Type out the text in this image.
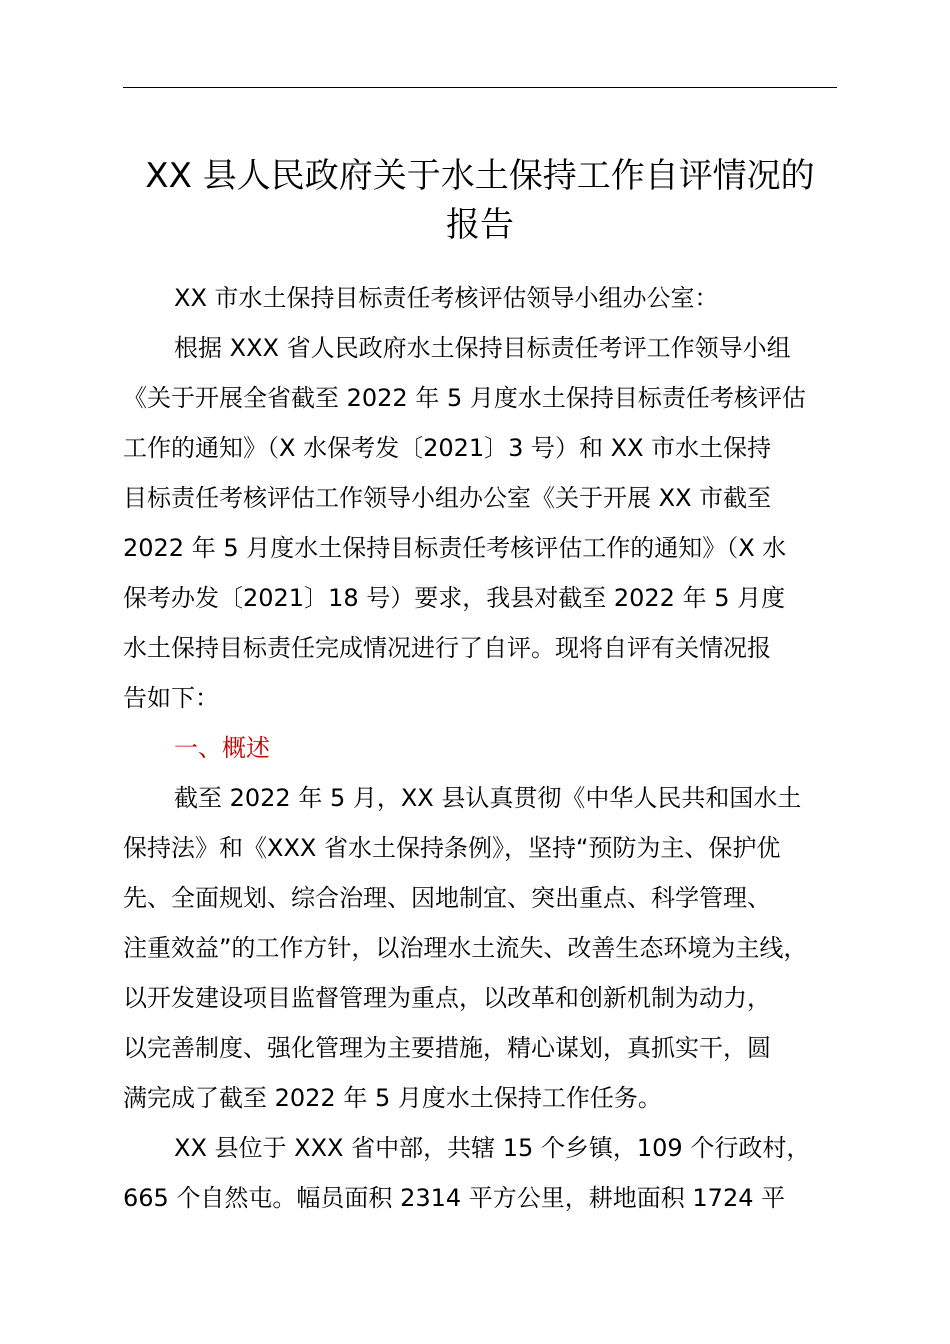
XX 县人民政府关于水土保持工作自评情况的
报告
XX 市水土保持目标责任考核评估领导小组办公室：
根据 XXX 省人民政府水土保持目标责任考评工作领导小组
《关于开展全省截至 2022 年 5 月度水土保持目标责任考核评估
工作的通知》（X 水保考发〔2021〕3 号）和 XX 市水土保持
目标责任考核评估工作领导小组办公室《关于开展 XX 市截至
2022 年 5 月度水土保持目标责任考核评估工作的通知》（X 水
保考办发〔2021〕18 号）要求，我县对截至 2022 年 5 月度
水土保持目标责任完成情况进行了自评。现将自评有关情况报
告如下：
一、概述
截至 2022 年 5 月，XX 县认真贯彻《中华人民共和国水土
保持法》和《XXX 省水土保持条例》，坚持“预防为主、保护优
先、全面规划、综合治理、因地制宜、突出重点、科学管理、
注重效益”的工作方针，以治理水土流失、改善生态环境为主线，
以开发建设项目监督管理为重点，以改革和创新机制为动力，
以完善制度、强化管理为主要措施，精心谋划，真抓实干，圆
满完成了截至 2022 年 5 月度水土保持工作任务。
XX 县位于 XXX 省中部，共辖 15 个乡镇，109 个行政村，
665 个自然屯。幅员面积 2314 平方公里，耕地面积 1724 平
